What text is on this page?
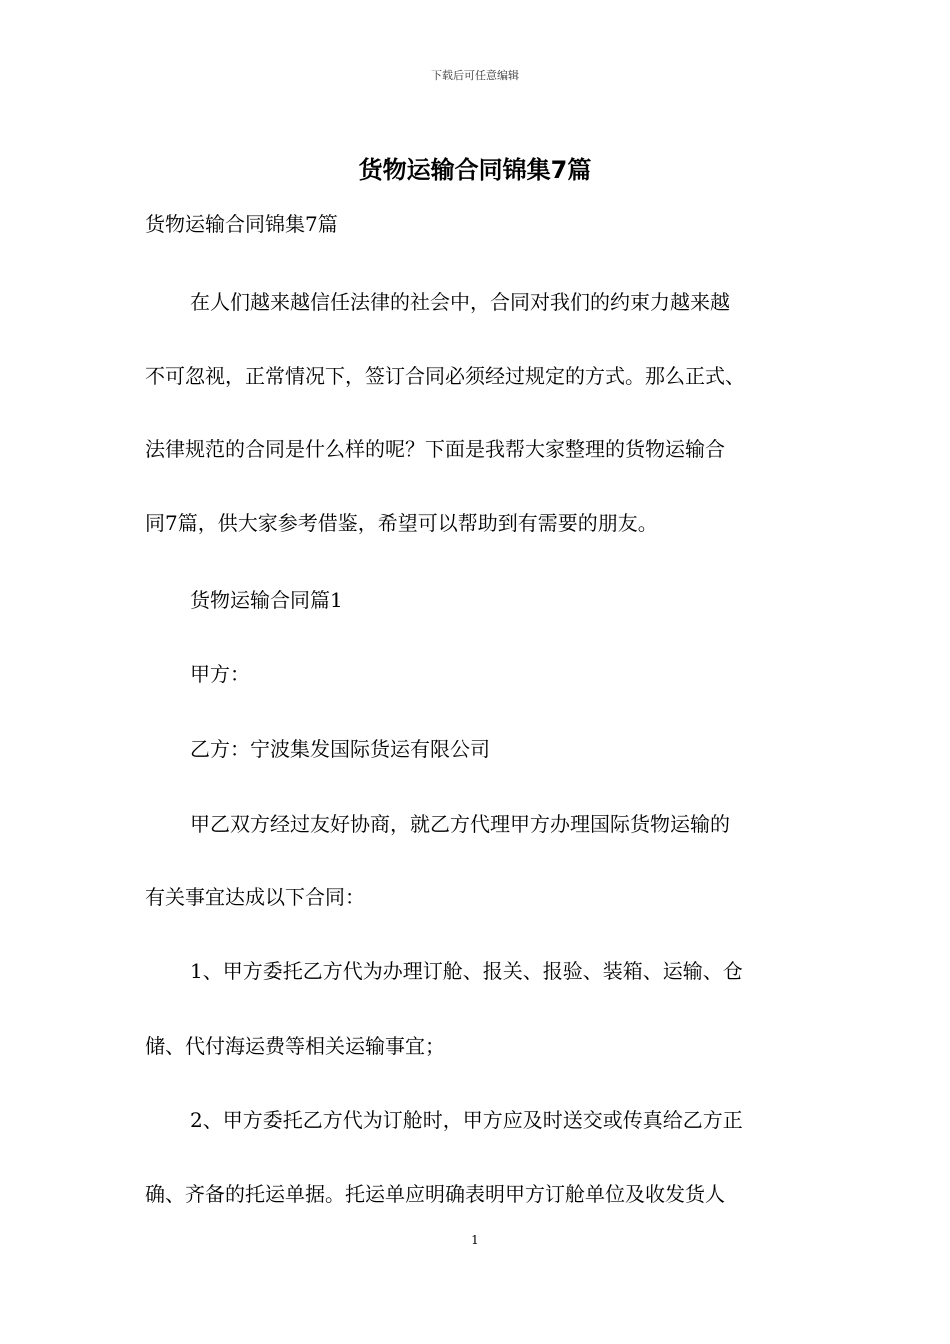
下载后可任意编辑
货物运输合同锦集7篇
货物运输合同锦集7篇
在人们越来越信任法律的社会中，合同对我们的约束力越来越
不可忽视，正常情况下，签订合同必须经过规定的方式。那么正式、
法律规范的合同是什么样的呢？下面是我帮大家整理的货物运输合
同7篇，供大家参考借鉴，希望可以帮助到有需要的朋友。
货物运输合同篇1
甲方：
乙方：宁波集发国际货运有限公司
甲乙双方经过友好协商，就乙方代理甲方办理国际货物运输的
有关事宜达成以下合同：
1、甲方委托乙方代为办理订舱、报关、报验、装箱、运输、仓
储、代付海运费等相关运输事宜；
2、甲方委托乙方代为订舱时，甲方应及时送交或传真给乙方正
确、齐备的托运单据。托运单应明确表明甲方订舱单位及收发货人
1
